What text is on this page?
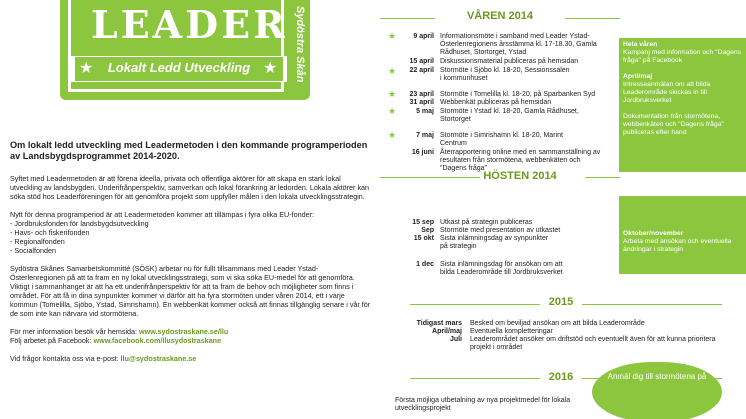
LEADER
★	Lokalt Ledd Utveckling ★	Sydöstra Skån
Om lokalt ledd utveckling med Leadermetoden i den kommande programperioden av Landsbygdsprogrammet 2014-2020.

Syftet med Leadermetoden är att förena ideella, privata och offentliga aktörer för att skapa en stark lokal utveckling av landsbygden. Underifrånperspektiv, samverkan och lokal förankring är ledorden. Lokala aktörer kan söka stöd hos Leaderföreningen för att genomföra projekt som uppfyller målen i den lokala utvecklingsstrategin.

Nytt för denna programperiod är att Leadermetoden kommer att tillämpas i fyra olika EU-fonder:
- Jordbruksfonden för landsbygdsutveckling
- Havs- och fiskerifonden
- Regionalfonden
- Socialfonden

Sydöstra Skånes Samarbetskommitté (SÖSK) arbetar nu för fullt tillsammans med Leader Ystad-Österlenregionen på att ta fram en ny lokal utvecklingsstrategi, som vi ska söka EU-medel för att genomföra. Viktigt i sammanhanget är att ha ett underifrånperspektiv för att ta fram de behov och möjligheter som finns i området. För att få in dina synpunkter kommer vi därför att ha fyra stormöten under våren 2014, ett i varje kommun (Tomelilla, Sjöbo, Ystad, Simrishamn). En webbenkät kommer också att finnas tillgänglig senare i vår för de som inte kan närvara vid stormötena.

För mer information besök vår hemsida: www.sydostraskane.se/llu
Följ arbetet på Facebook: www.facebook.com/llusydostraskane
Vid frågor kontakta oss via e-post: llu@sydostraskane.se
VÅREN 2014
★	9 april Informationsmöte i samband med Leader Ystad-Österlenregionens årsstämma kl. 17-18.30, Gamla Rådhuset, Stortorget, Ystad
15 april Diskussionsmaterial publiceras på hemsidan
★	22 april Stormöte i Sjöbo kl. 18-20, Sessionssalen i kommunhuset
★	23 april Stormöte i Tomelilla kl. 18-20, på Sparbanken Syd
31 april Webbenkät publiceras på hemsidan
★	5 maj Stormöte i Ystad kl. 18-20, Gamla Rådhuset, Stortorget
★	7 maj Stormöte i Simrishamn kl. 18-20, Marint Centrum
16 juni Återrapportering online med en sammanställning av resultaten från stormötena, webbenkäten och "Dagens fråga"
Hela våren
Kampanj med information och "Dagens fråga" på Facebook
April/maj
Intresseanmälan om att bilda Leaderområde skickas in till Jordbruksverket
Dokumentation från stormötena, webbenkäten och "Dagens fråga" publiceras efter hand
HÖSTEN 2014
15 sep Utkast på strategin publiceras
Sep Stormöte med presentation av utkastet
15 okt Sista inlämningsdag av synpunkter på strategin
1 dec Sista inlämningsdag för ansökan om att bilda Leaderområde till Jordbruksverket
Oktober/november
Arbeta med ansökan och eventuella ändringar i strategin
2015
Tidigast mars Besked om beviljad ansökan om att bilda Leaderområde
April/maj Eventuella kompletteringar
Juli Leaderområdet ansöker om driftstöd och eventuellt även för att kunna prioritera projekt i området
2016
Första möjliga utbetalning av nya projektmedel för lokala utvecklingsprojekt
Anmäl dig till stormötena på
